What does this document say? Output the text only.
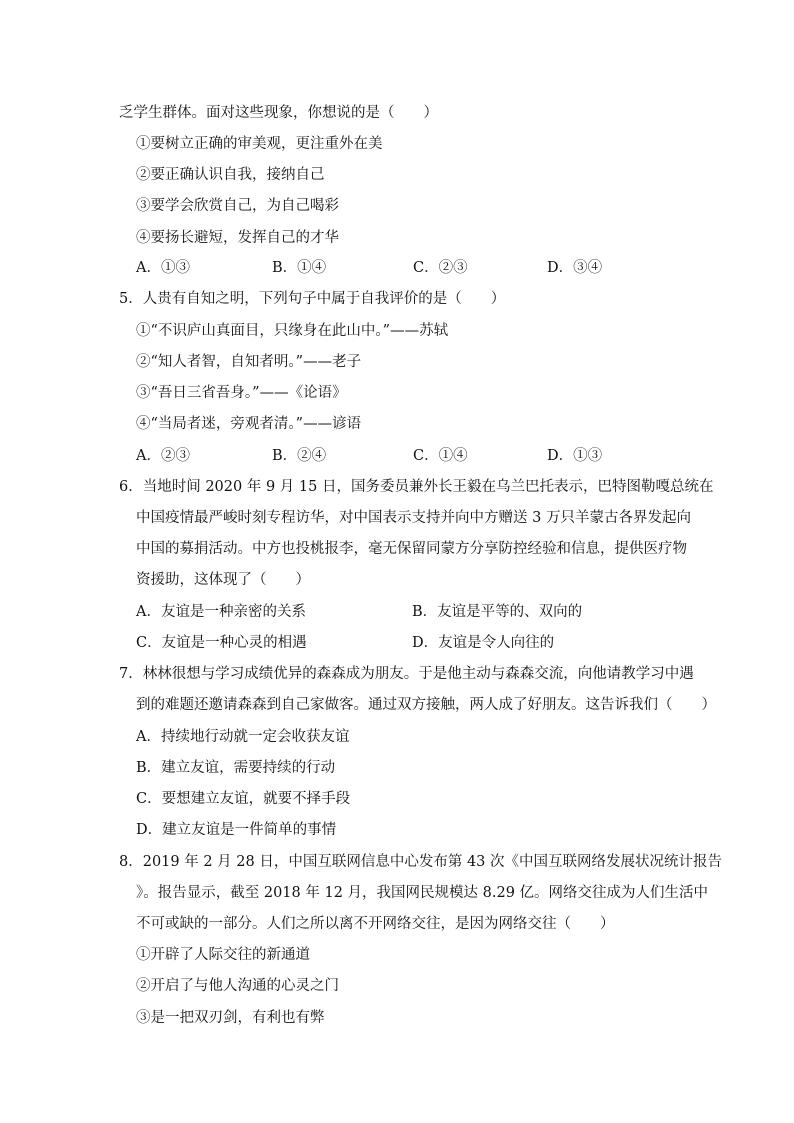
乏学生群体。面对这些现象，你想说的是（　　）
①要树立正确的审美观，更注重外在美
②要正确认识自我，接纳自己
③要学会欣赏自己，为自己喝彩
④要扬长避短，发挥自己的才华
A．①③	B．①④	C．②③	D．③④
5．人贵有自知之明，下列句子中属于自我评价的是（　　）
①“不识庐山真面目，只缘身在此山中。”——苏轼
②“知人者智，自知者明。”——老子
③“吾日三省吾身。”——《论语》
④“当局者迷，旁观者清。”——谚语
A．②③	B．②④	C．①④	D．①③
6．当地时间 2020 年 9 月 15 日，国务委员兼外长王毅在乌兰巴托表示，巴特图勒嘎总统在
中国疫情最严峻时刻专程访华，对中国表示支持并向中方赠送 3 万只羊蒙古各界发起向
中国的募捐活动。中方也投桃报李，毫无保留同蒙方分享防控经验和信息，提供医疗物
资援助，这体现了（　　）
A．友谊是一种亲密的关系	B．友谊是平等的、双向的
C．友谊是一种心灵的相遇	D．友谊是令人向往的
7．林林很想与学习成绩优异的森森成为朋友。于是他主动与森森交流，向他请教学习中遇
到的难题还邀请森森到自己家做客。通过双方接触，两人成了好朋友。这告诉我们（　　）
A．持续地行动就一定会收获友谊
B．建立友谊，需要持续的行动
C．要想建立友谊，就要不择手段
D．建立友谊是一件简单的事情
8．2019 年 2 月 28 日，中国互联网信息中心发布第 43 次《中国互联网络发展状况统计报告
》。报告显示，截至 2018 年 12 月，我国网民规模达 8.29 亿。网络交往成为人们生活中
不可或缺的一部分。人们之所以离不开网络交往，是因为网络交往（　　）
①开辟了人际交往的新通道
②开启了与他人沟通的心灵之门
③是一把双刃剑，有利也有弊
